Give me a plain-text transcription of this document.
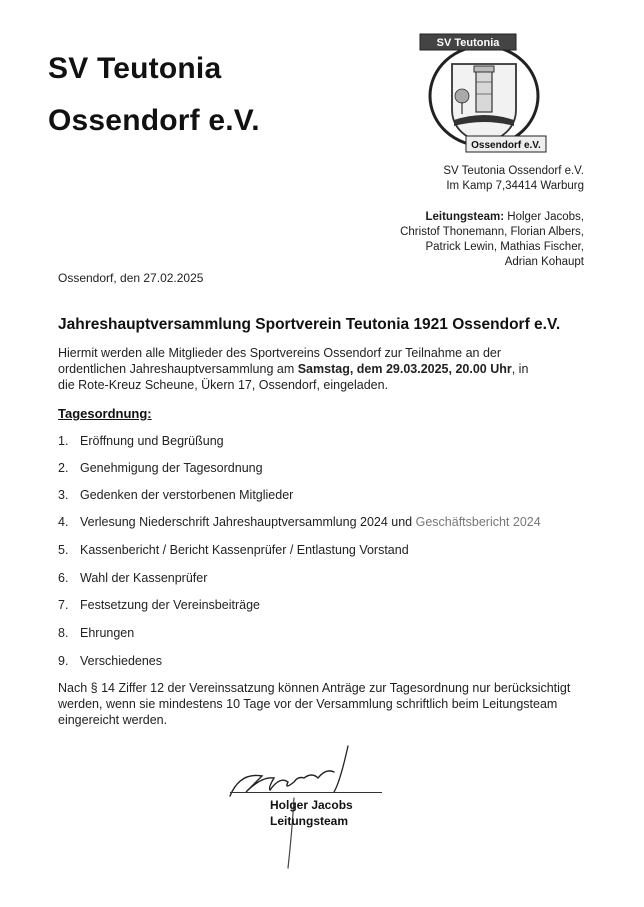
SV Teutonia
Ossendorf e.V.
SV Teutonia
Ossendorf e.V.
SV Teutonia Ossendorf e.V.
Im Kamp 7,34414 Warburg
Leitungsteam: Holger Jacobs,
Christof Thonemann, Florian Albers,
Patrick Lewin, Mathias Fischer,
Adrian Kohaupt
Ossendorf, den 27.02.2025
Jahreshauptversammlung Sportverein Teutonia 1921 Ossendorf e.V.
Hiermit werden alle Mitglieder des Sportvereins Ossendorf zur Teilnahme an der ordentlichen Jahreshauptversammlung am Samstag, dem 29.03.2025, 20.00 Uhr, in die Rote-Kreuz Scheune, Ükern 17, Ossendorf, eingeladen.
Tagesordnung:
1. Eröffnung und Begrüßung
2. Genehmigung der Tagesordnung
3. Gedenken der verstorbenen Mitglieder
4. Verlesung Niederschrift Jahreshauptversammlung 2024 und Geschäftsbericht 2024
5. Kassenbericht / Bericht Kassenprüfer / Entlastung Vorstand
6. Wahl der Kassenprüfer
7. Festsetzung der Vereinsbeiträge
8. Ehrungen
9. Verschiedenes
Nach § 14 Ziffer 12 der Vereinssatzung können Anträge zur Tagesordnung nur berücksichtigt werden, wenn sie mindestens 10 Tage vor der Versammlung schriftlich beim Leitungsteam eingereicht werden.
Holger Jacobs
Leitungsteam
